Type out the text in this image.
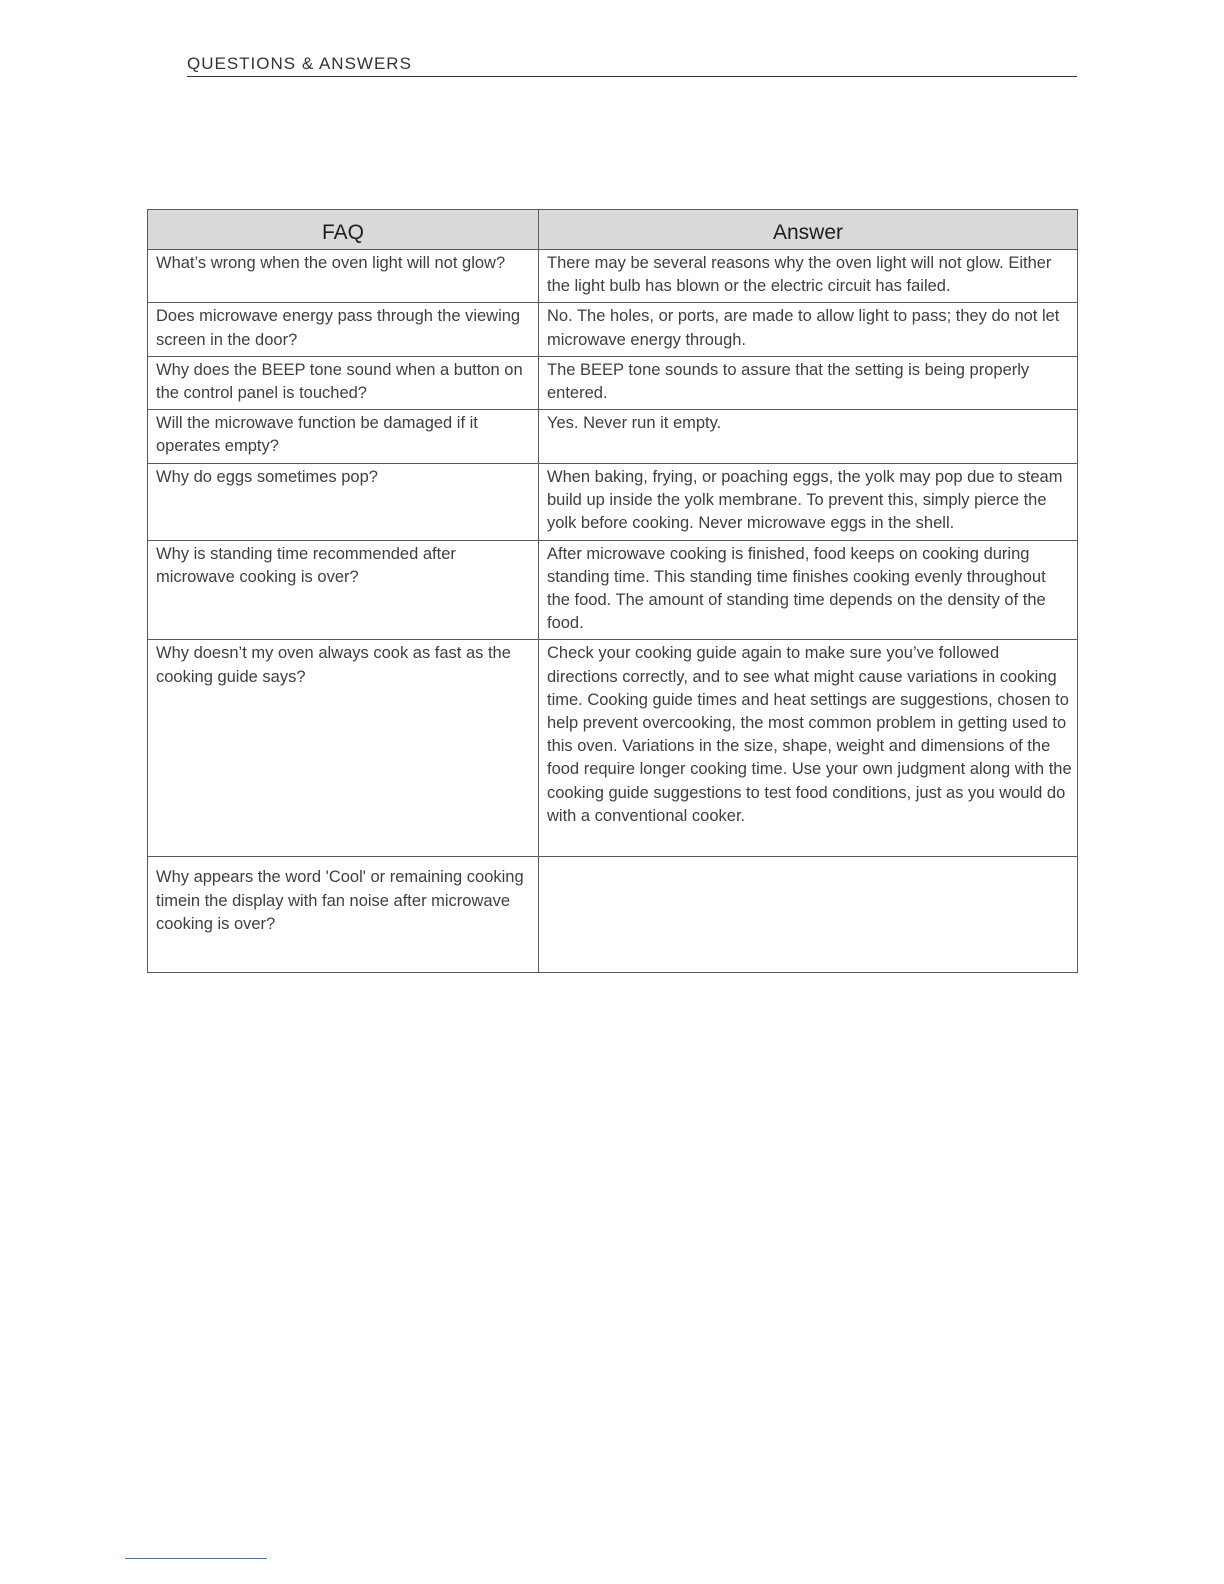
QUESTIONS & ANSWERS
FAQ	Answer
What’s wrong when the oven light will not glow?	There may be several reasons why the oven light will not glow. Either the light bulb has blown or the electric circuit has failed.
Does microwave energy pass through the viewing screen in the door?	No. The holes, or ports, are made to allow light to pass; they do not let microwave energy through.
Why does the BEEP tone sound when a button on the control panel is touched?	The BEEP tone sounds to assure that the setting is being properly entered.
Will the microwave function be damaged if it operates empty?	Yes. Never run it empty.
Why do eggs sometimes pop?	When baking, frying, or poaching eggs, the yolk may pop due to steam build up inside the yolk membrane. To prevent this, simply pierce the yolk before cooking. Never microwave eggs in the shell.
Why is standing time recommended after microwave cooking is over?	After microwave cooking is finished, food keeps on cooking during standing time. This standing time finishes cooking evenly throughout the food. The amount of standing time depends on the density of the food.
Why doesn’t my oven always cook as fast as the cooking guide says?	Check your cooking guide again to make sure you’ve followed directions correctly, and to see what might cause variations in cooking time. Cooking guide times and heat settings are suggestions, chosen to help prevent overcooking, the most common problem in getting used to this oven. Variations in the size, shape, weight and dimensions of the food require longer cooking time. Use your own judgment along with the cooking guide suggestions to test food conditions, just as you would do with a conventional cooker.
Why appears the word 'Cool' or remaining cooking timein the display with fan noise after microwave cooking is over?	
